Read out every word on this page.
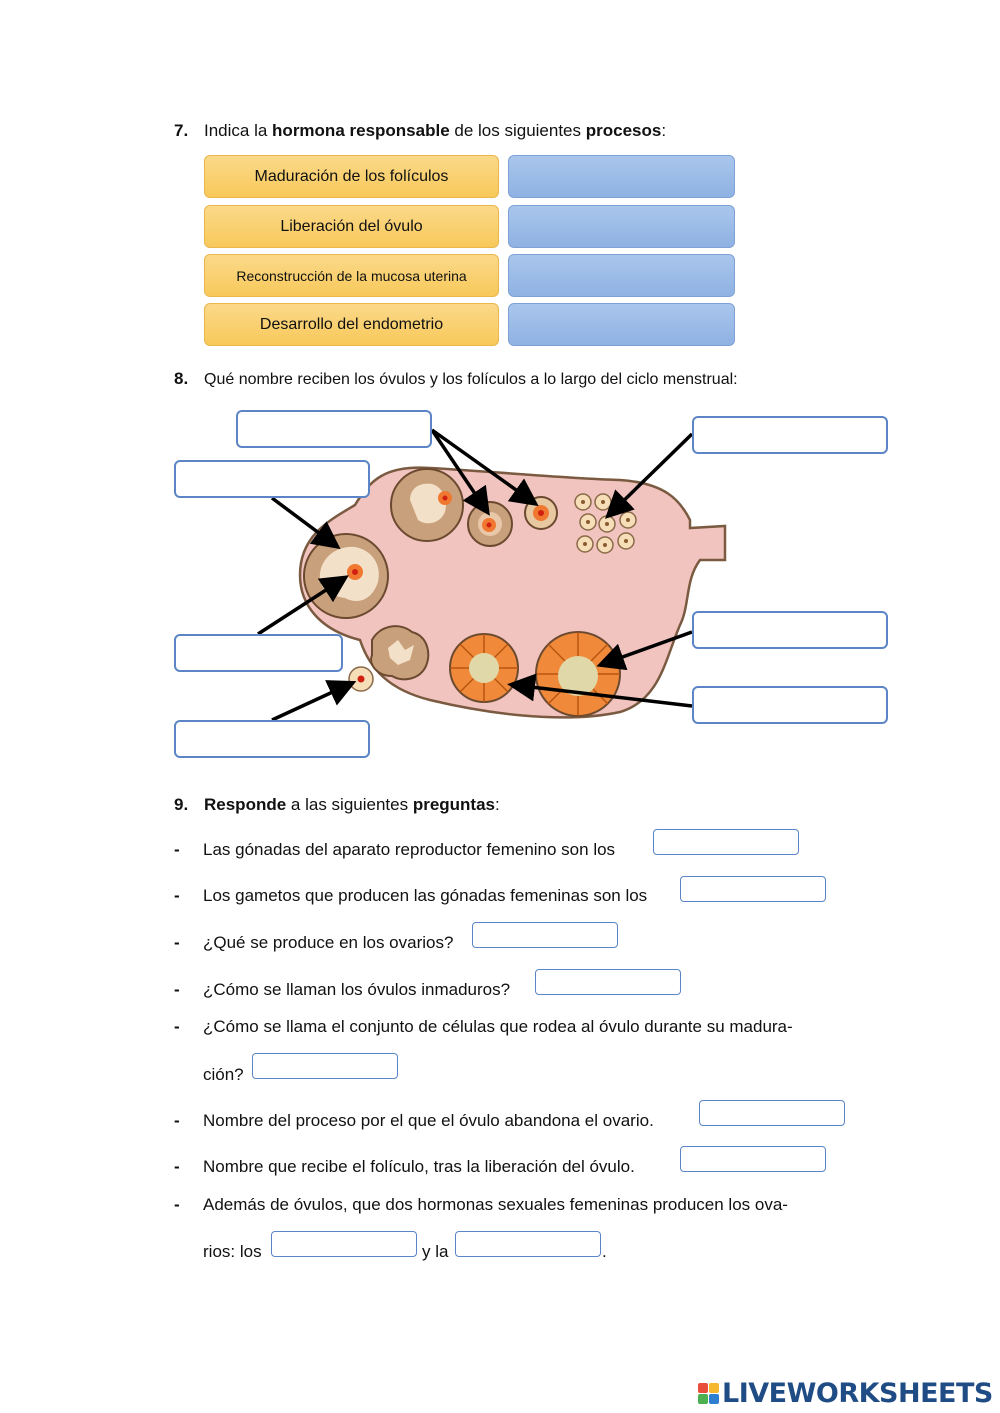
7. Indica la hormona responsable de los siguientes procesos:
Maduración de los folículos
Liberación del óvulo
Reconstrucción de la mucosa uterina
Desarrollo del endometrio
8. Qué nombre reciben los óvulos y los folículos a lo largo del ciclo menstrual:
9. Responde a las siguientes preguntas:
- Las gónadas del aparato reproductor femenino son los
- Los gametos que producen las gónadas femeninas son los
- ¿Qué se produce en los ovarios?
- ¿Cómo se llaman los óvulos inmaduros?
- ¿Cómo se llama el conjunto de células que rodea al óvulo durante su madura-
ción?
- Nombre del proceso por el que el óvulo abandona el ovario.
- Nombre que recibe el folículo, tras la liberación del óvulo.
- Además de óvulos, que dos hormonas sexuales femeninas producen los ova-
rios: los	y la	.
LIVEWORKSHEETS
